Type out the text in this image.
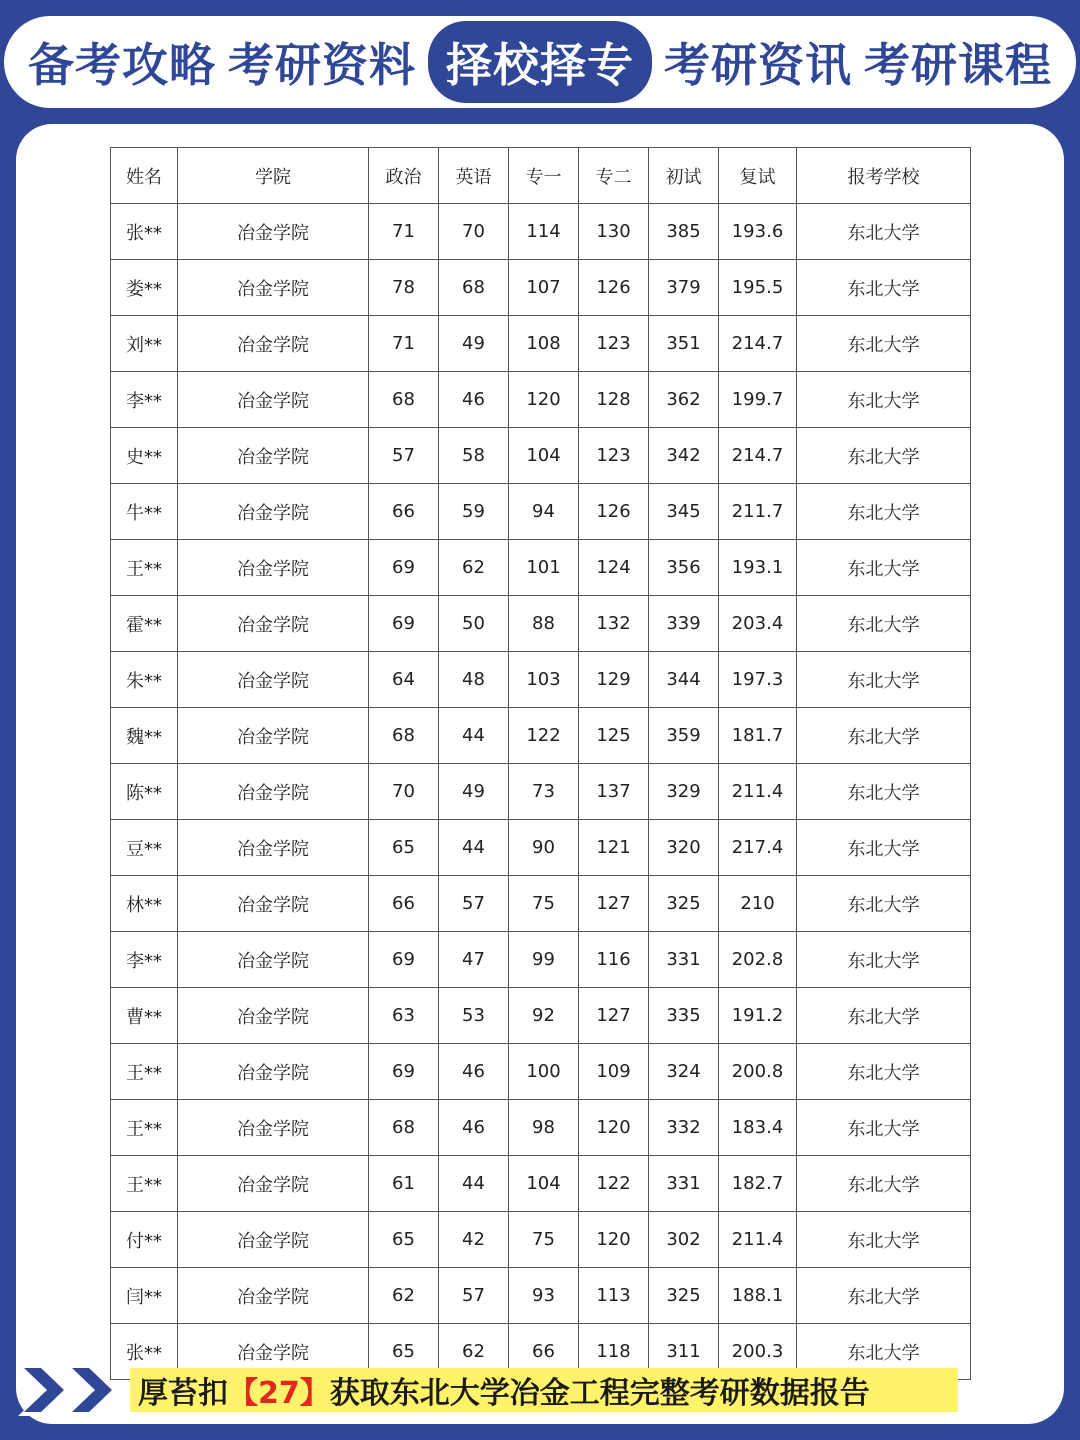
备考攻略 考研资料 择校择专 考研资讯 考研课程
姓名	学院	政治	英语	专一	专二	初试	复试	报考学校
张**	冶金学院	71	70	114	130	385	193.6	东北大学
娄**	冶金学院	78	68	107	126	379	195.5	东北大学
刘**	冶金学院	71	49	108	123	351	214.7	东北大学
李**	冶金学院	68	46	120	128	362	199.7	东北大学
史**	冶金学院	57	58	104	123	342	214.7	东北大学
牛**	冶金学院	66	59	94	126	345	211.7	东北大学
王**	冶金学院	69	62	101	124	356	193.1	东北大学
霍**	冶金学院	69	50	88	132	339	203.4	东北大学
朱**	冶金学院	64	48	103	129	344	197.3	东北大学
魏**	冶金学院	68	44	122	125	359	181.7	东北大学
陈**	冶金学院	70	49	73	137	329	211.4	东北大学
豆**	冶金学院	65	44	90	121	320	217.4	东北大学
林**	冶金学院	66	57	75	127	325	210	东北大学
李**	冶金学院	69	47	99	116	331	202.8	东北大学
曹**	冶金学院	63	53	92	127	335	191.2	东北大学
王**	冶金学院	69	46	100	109	324	200.8	东北大学
王**	冶金学院	68	46	98	120	332	183.4	东北大学
王**	冶金学院	61	44	104	122	331	182.7	东北大学
付**	冶金学院	65	42	75	120	302	211.4	东北大学
闫**	冶金学院	62	57	93	113	325	188.1	东北大学
张**	冶金学院	65	62	66	118	311	200.3	东北大学
厚苔扣 【27】 获取东北大学冶金工程完整考研数据报告
